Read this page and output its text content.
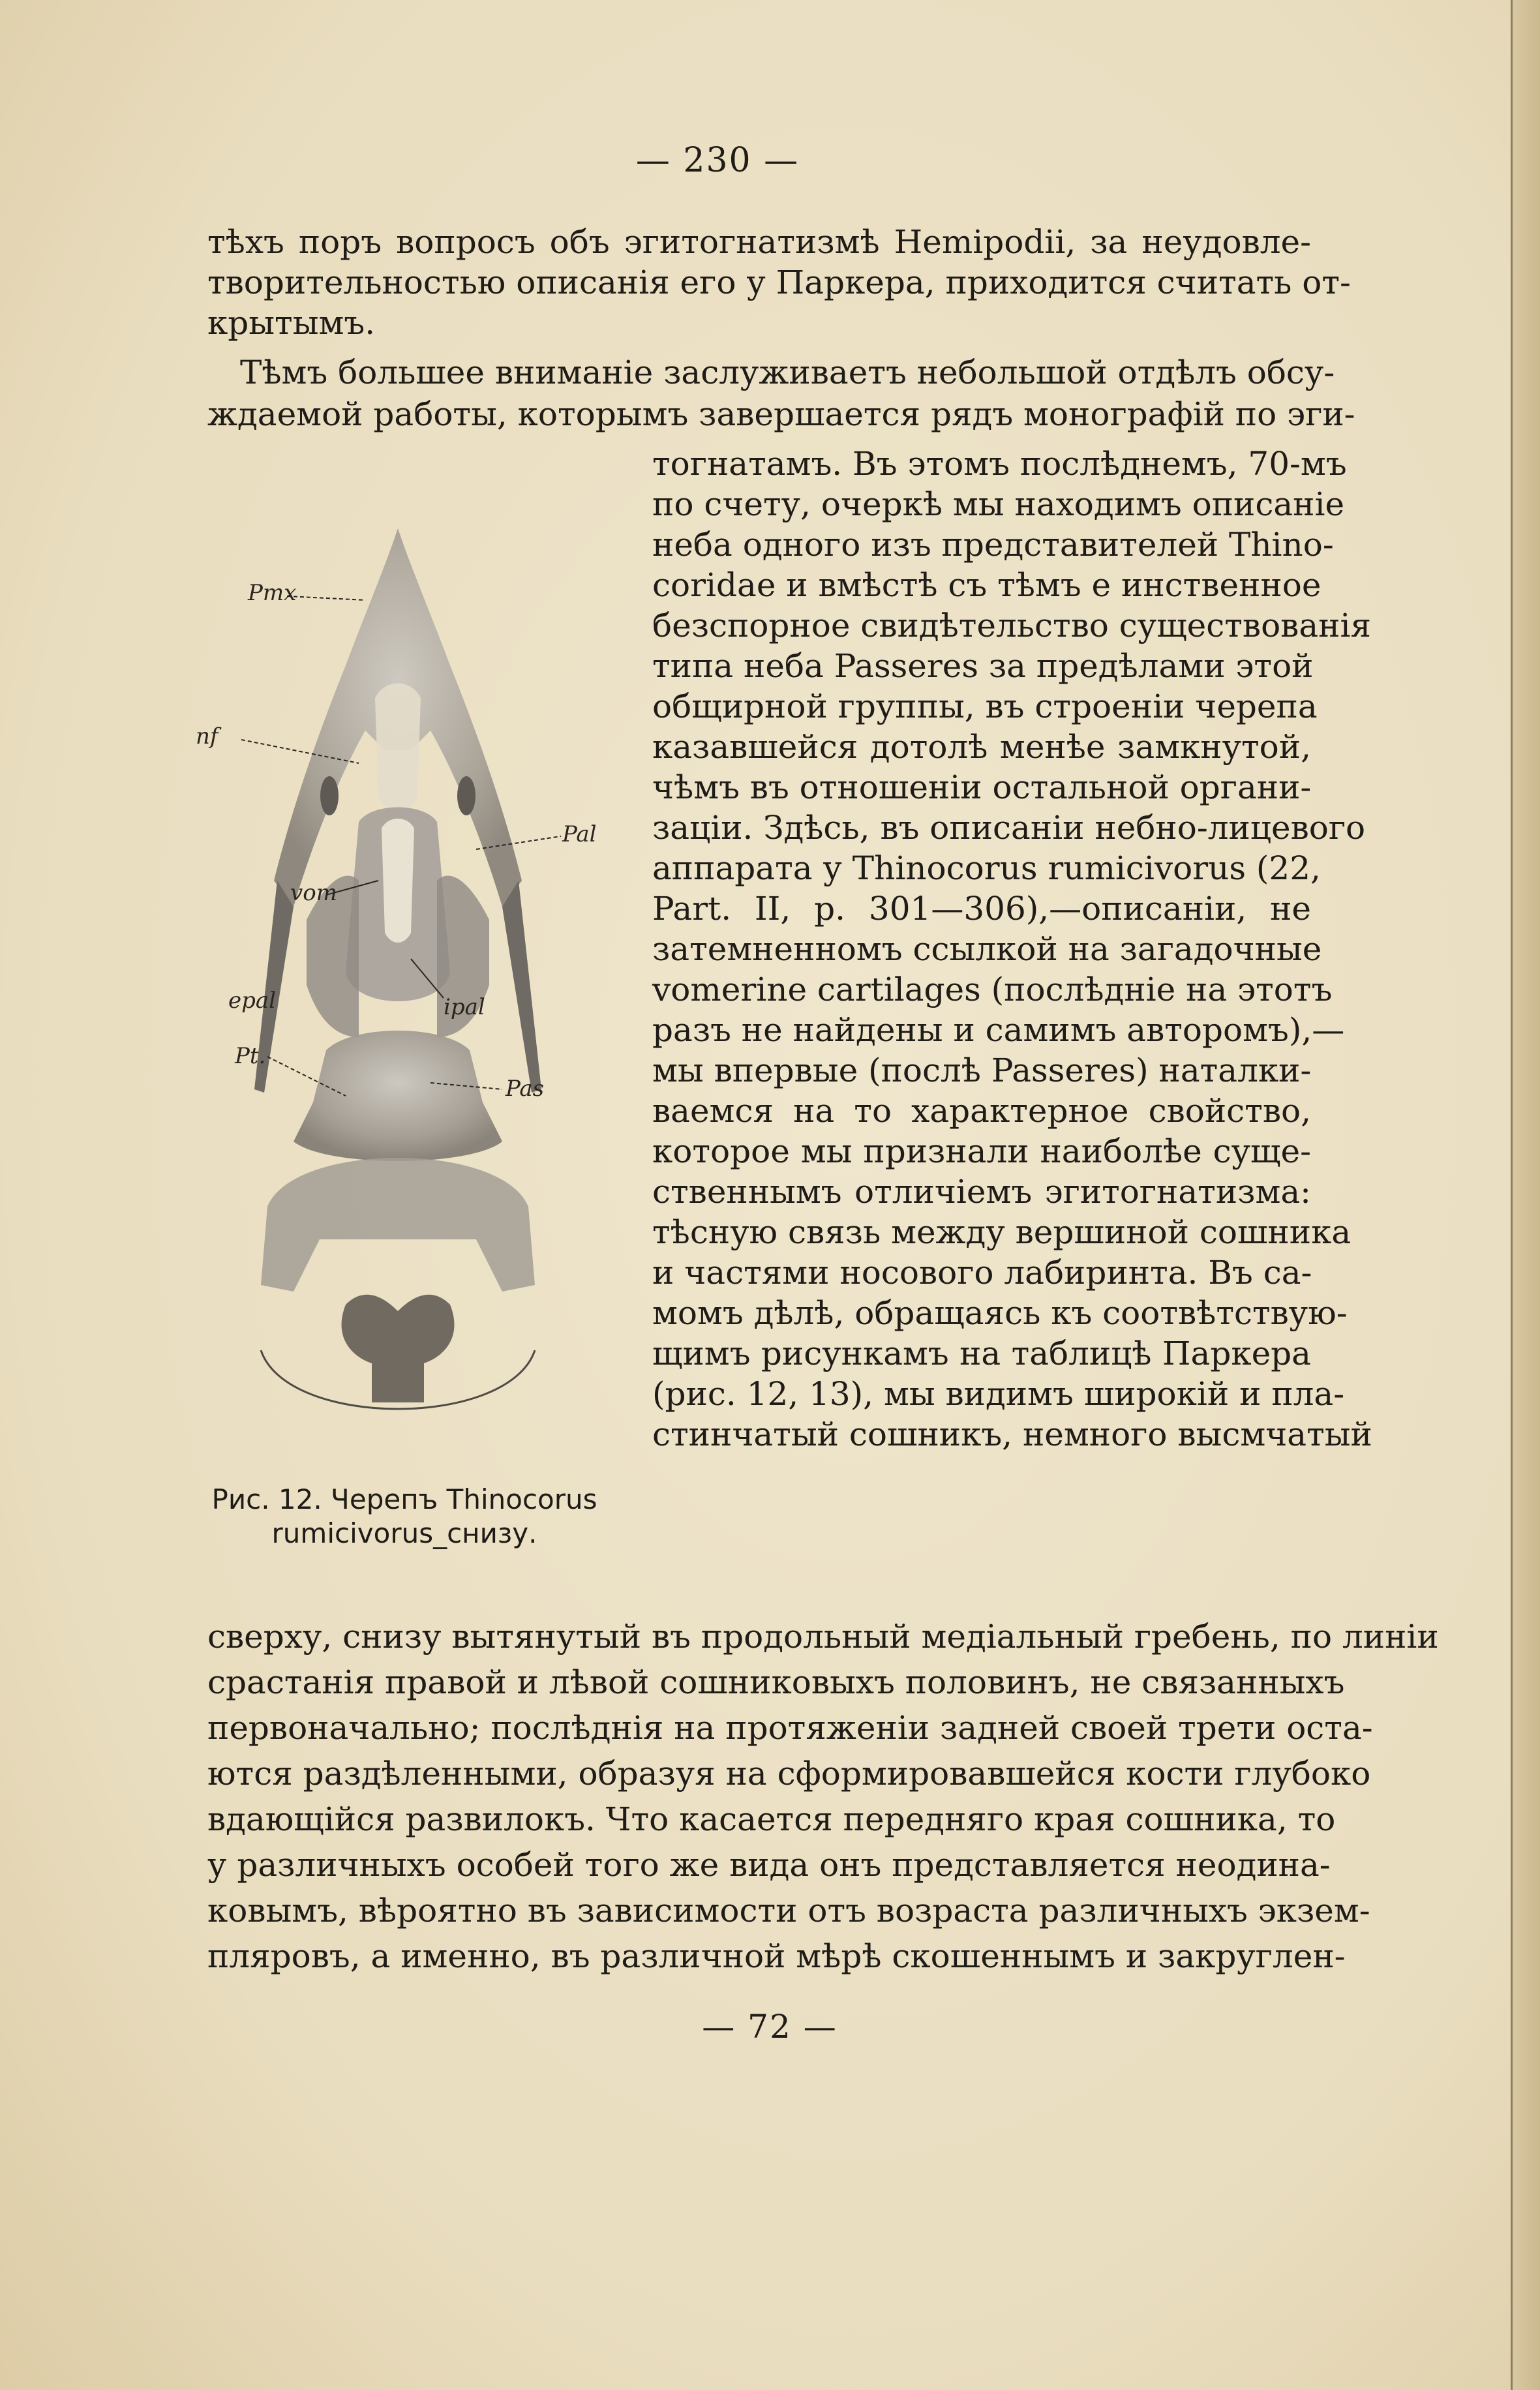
— 230 —
тѣхъ поръ вопросъ объ эгитогнатизмѣ Hemipodii, за неудовле-
творительностью описанія его у Паркера, приходится считать от-
крытымъ.
Тѣмъ большее вниманіе заслуживаетъ небольшой отдѣлъ обсу-
ждаемой работы, которымъ завершается рядъ монографій по эги-
тогнатамъ. Въ этомъ послѣднемъ, 70-мъ
по счету, очеркѣ мы находимъ описаніе
неба одного изъ представителей Thino-
coridae и вмѣстѣ съ тѣмъ е инственное
безспорное свидѣтельство существованія
типа неба Passeres за предѣлами этой
общирной группы, въ строеніи черепа
казавшейся дотолѣ менѣе замкнутой,
чѣмъ въ отношеніи остальной органи-
заціи. Здѣсь, въ описаніи небно-лицевого
аппарата у Thinocorus rumicivorus (22,
Part. II, р. 301—306),—описаніи, не
затемненномъ ссылкой на загадочные
vomerine cartilages (послѣдніе на этотъ
разъ не найдены и самимъ авторомъ),—
мы впервые (послѣ Passeres) наталки-
ваемся на то характерное свойство,
которое мы признали наиболѣе суще-
ственнымъ отличіемъ эгитогнатизма:
тѣсную связь между вершиной сошника
и частями носового лабиринта. Въ са-
момъ дѣлѣ, обращаясь къ соотвѣтствую-
щимъ рисункамъ на таблицѣ Паркера
(рис. 12, 13), мы видимъ широкій и пла-
стинчатый сошникъ, немного высмчатый
Pmx
nf
Pal
vom
epal	ipal
Pt.
Pas
Рис. 12. Черепъ Thinocorus
rumicivorus_снизу.
сверху, снизу вытянутый въ продольный медіальный гребень, по линіи
срастанія правой и лѣвой сошниковыхъ половинъ, не связанныхъ
первоначально; послѣднія на протяженіи задней своей трети оста-
ются раздѣленными, образуя на сформировавшейся кости глубоко
вдающійся развилокъ. Что касается передняго края сошника, то
у различныхъ особей того же вида онъ представляется неодина-
ковымъ, вѣроятно въ зависимости отъ возраста различныхъ экзем-
пляровъ, а именно, въ различной мѣрѣ скошеннымъ и закруглен-
— 72 —
